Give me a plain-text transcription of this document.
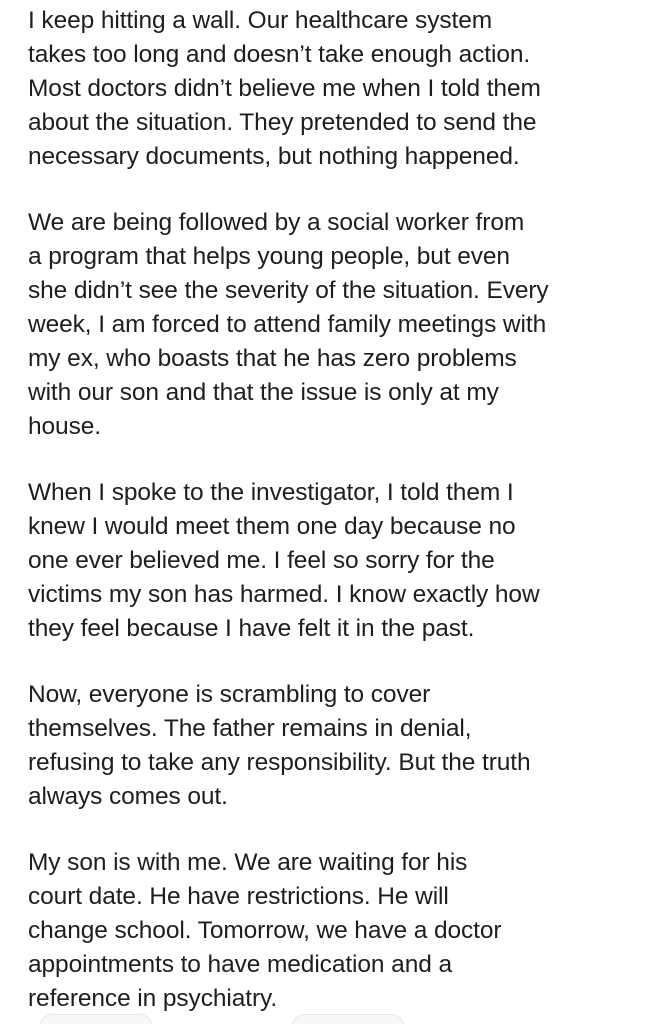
I keep hitting a wall. Our healthcare system
takes too long and doesn’t take enough action.
Most doctors didn’t believe me when I told them
about the situation. They pretended to send the
necessary documents, but nothing happened.

We are being followed by a social worker from
a program that helps young people, but even
she didn’t see the severity of the situation. Every
week, I am forced to attend family meetings with
my ex, who boasts that he has zero problems
with our son and that the issue is only at my
house.

When I spoke to the investigator, I told them I
knew I would meet them one day because no
one ever believed me. I feel so sorry for the
victims my son has harmed. I know exactly how
they feel because I have felt it in the past.

Now, everyone is scrambling to cover
themselves. The father remains in denial,
refusing to take any responsibility. But the truth
always comes out.

My son is with me. We are waiting for his
court date. He have restrictions. He will
change school. Tomorrow, we have a doctor
appointments to have medication and a
reference in psychiatry.
